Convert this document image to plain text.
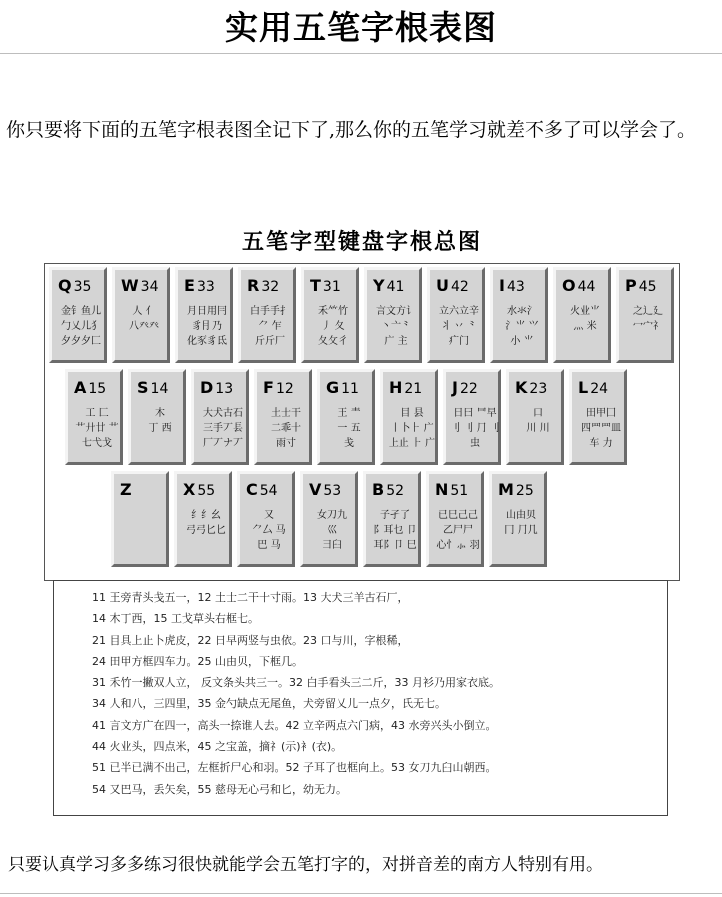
实用五笔字根表图
你只要将下面的五笔字根表图全记下了,那么你的五笔学习就差不多了可以学会了。
五笔字型键盘字根总图
Q 35
金钅鱼儿
勹乂儿犭
夕夕夕匚
W 34
人 亻
八癶癶
E 33
月日用冃
豸⺝乃
化豕豸氐
R 32
白手手扌
⺈ 乍
斤斤厂
T 31
禾⺮竹
丿 夂
夂攵彳
Y 41
言文方讠
丶亠⺀
广 主
U 42
立六立辛
丬 丷 ⺀
疒门
I 43
水氺⺡
氵⺌ ⺍
小 ⺌
O 44
火业⺌
灬 米
P 45
之辶廴
冖宀礻
A 15
工 匚
艹廾廿 艹
七弋戈
S 14
木
丁 西
D 13
大犬古石
三手丆镸
厂丆ナ丆
F 12
土士干
二乖十
雨寸
G 11
王 龶
一 五
戋
H 21
目 县
丨卜⺊ 广
上止 ⺊ 广
J 22
日曰 ⺜早
刂 刂 ⺆ 刂
虫
K 23
口
川 川
L 24
田甲囗
四罒罒皿
车 力
Z	X 55
纟纟幺
弓弓匕匕
C 54
又
⺈厶 马
巴 马
V 53
女刀九
巛
彐臼
B 52
子孑了
阝耳乜 卩
耳阝卩 巳
N 51
已巳己己
乙尸尸
心忄⺗ 羽
M 25
山由贝
冂 ⺆几
11 王旁青头戋五一，12 土士二干十寸雨。13 大犬三羊古石厂，
14 木丁西，15 工戈草头右框七。
21 目具上止卜虎皮，22 日早两竖与虫依。23 口与川，字根稀，
24 田甲方框四车力。25 山由贝，下框几。
31 禾竹一撇双人立， 反文条头共三一。32 白手看头三二斤，33 月衫乃用家衣底。
34 人和八，三四里，35 金勺缺点无尾鱼，犬旁留乂儿一点夕，氏无七。
41 言文方广在四一，高头一捺谁人去。42 立辛两点六门病，43 水旁兴头小倒立。
44 火业头，四点米，45 之宝盖，摘礻(示)衤(衣)。
51 已半已满不出己，左框折尸心和羽。52 子耳了也框向上。53 女刀九臼山朝西。
54 又巴马，丢矢矣，55 慈母无心弓和匕，幼无力。
只要认真学习多多练习很快就能学会五笔打字的，对拼音差的南方人特别有用。
